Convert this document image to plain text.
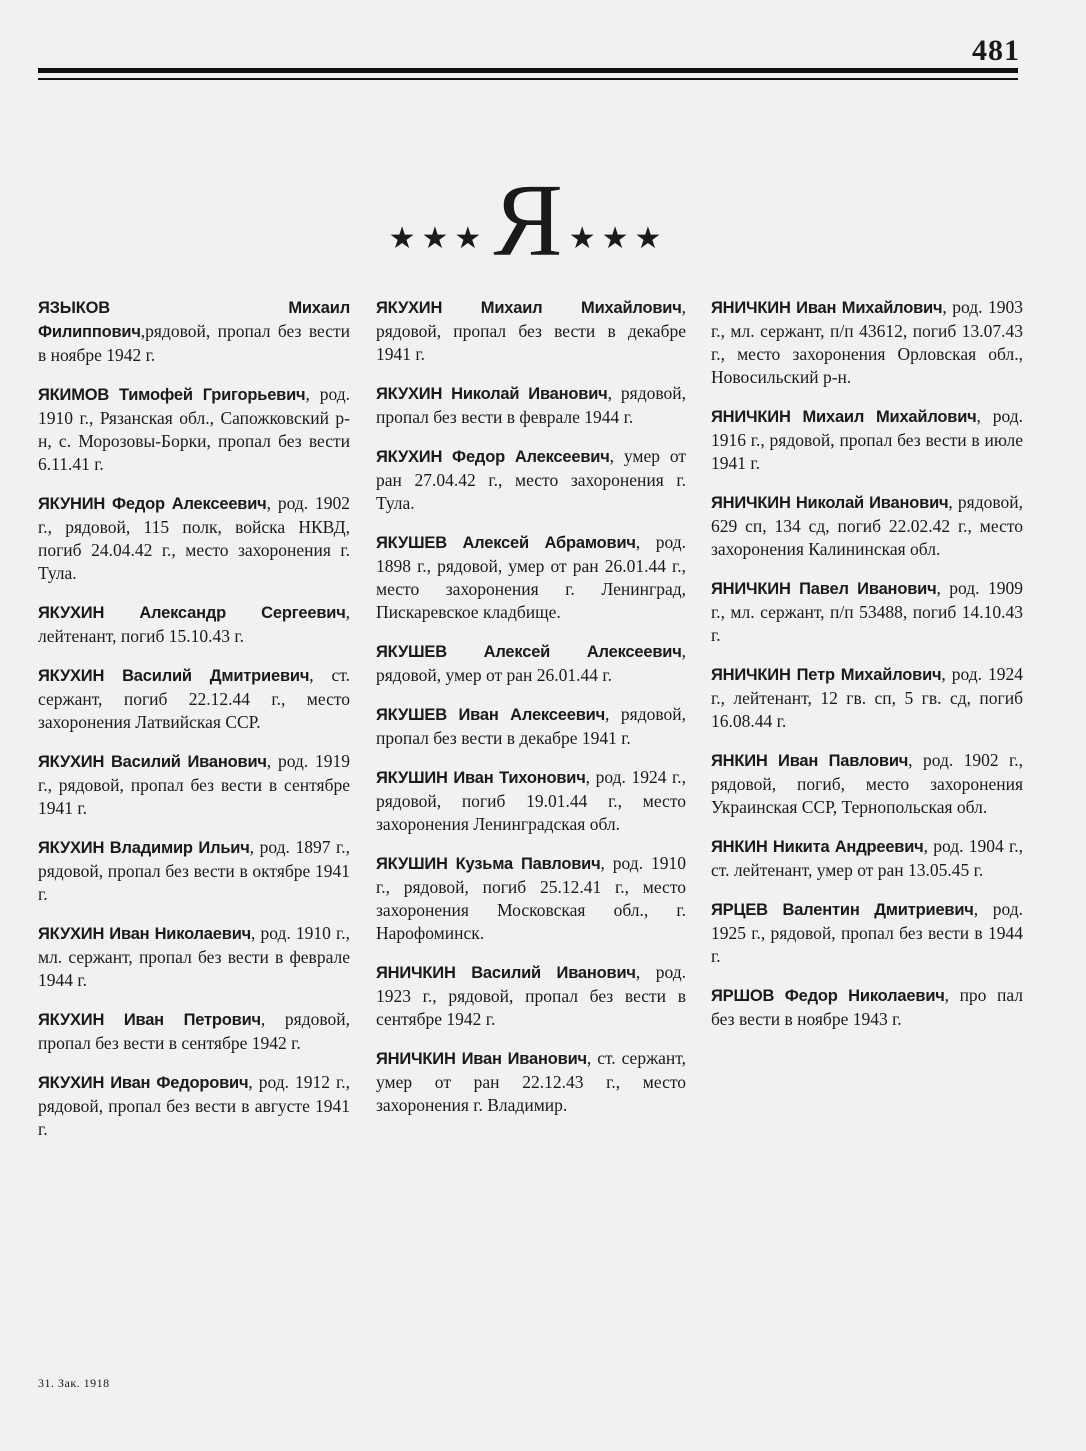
481
★★★ Я ★★★

ЯЗЫКОВ Михаил Филиппович,рядовой, пропал без вести в ноябре 1942 г.

ЯКИМОВ Тимофей Григорьевич, род. 1910 г., Рязанская обл., Сапожковский р-н, с. Морозовы-Борки, пропал без вести 6.11.41 г.

ЯКУНИН Федор Алексеевич, род. 1902 г., рядовой, 115 полк, войска НКВД, погиб 24.04.42 г., место захоронения г. Тула.

ЯКУХИН Александр Сергеевич, лейтенант, погиб 15.10.43 г.

ЯКУХИН Василий Дмитриевич, ст. сержант, погиб 22.12.44 г., место захоронения Латвийская ССР.

ЯКУХИН Василий Иванович, род. 1919 г., рядовой, пропал без вести в сентябре 1941 г.

ЯКУХИН Владимир Ильич, род. 1897 г., рядовой, пропал без вести в октябре 1941 г.

ЯКУХИН Иван Николаевич, род. 1910 г., мл. сержант, пропал без вести в феврале 1944 г.

ЯКУХИН Иван Петрович, рядовой, пропал без вести в сентябре 1942 г.

ЯКУХИН Иван Федорович, род. 1912 г., рядовой, пропал без вести в августе 1941 г.

ЯКУХИН Михаил Михайлович, рядовой, пропал без вести в декабре 1941 г.

ЯКУХИН Николай Иванович, рядовой, пропал без вести в феврале 1944 г.

ЯКУХИН Федор Алексеевич, умер от ран 27.04.42 г., место захоронения г. Тула.

ЯКУШЕВ Алексей Абрамович, род. 1898 г., рядовой, умер от ран 26.01.44 г., место захоронения г. Ленинград, Пискаревское кладбище.

ЯКУШЕВ Алексей Алексеевич, рядовой, умер от ран 26.01.44 г.

ЯКУШЕВ Иван Алексеевич, рядовой, пропал без вести в декабре 1941 г.

ЯКУШИН Иван Тихонович, род. 1924 г., рядовой, погиб 19.01.44 г., место захоронения Ленинградская обл.

ЯКУШИН Кузьма Павлович, род. 1910 г., рядовой, погиб 25.12.41 г., место захоронения Московская обл., г. Нарофоминск.

ЯНИЧКИН Василий Иванович, род. 1923 г., рядовой, пропал без вести в сентябре 1942 г.

ЯНИЧКИН Иван Иванович, ст. сержант, умер от ран 22.12.43 г., место захоронения г. Владимир.

ЯНИЧКИН Иван Михайлович, род. 1903 г., мл. сержант, п/п 43612, погиб 13.07.43 г., место захоронения Орловская обл., Новосильский р-н.

ЯНИЧКИН Михаил Михайлович, род. 1916 г., рядовой, пропал без вести в июле 1941 г.

ЯНИЧКИН Николай Иванович, рядовой, 629 сп, 134 сд, погиб 22.02.42 г., место захоронения Калининская обл.

ЯНИЧКИН Павел Иванович, род. 1909 г., мл. сержант, п/п 53488, погиб 14.10.43 г.

ЯНИЧКИН Петр Михайлович, род. 1924 г., лейтенант, 12 гв. сп, 5 гв. сд, погиб 16.08.44 г.

ЯНКИН Иван Павлович, род. 1902 г., рядовой, погиб, место захоронения Украинская ССР, Тернопольская обл.

ЯНКИН Никита Андреевич, род. 1904 г., ст. лейтенант, умер от ран 13.05.45 г.

ЯРЦЕВ Валентин Дмитриевич, род. 1925 г., рядовой, пропал без вести в 1944 г.

ЯРШОВ Федор Николаевич, про пал без вести в ноябре 1943 г.

31. Зак. 1918
